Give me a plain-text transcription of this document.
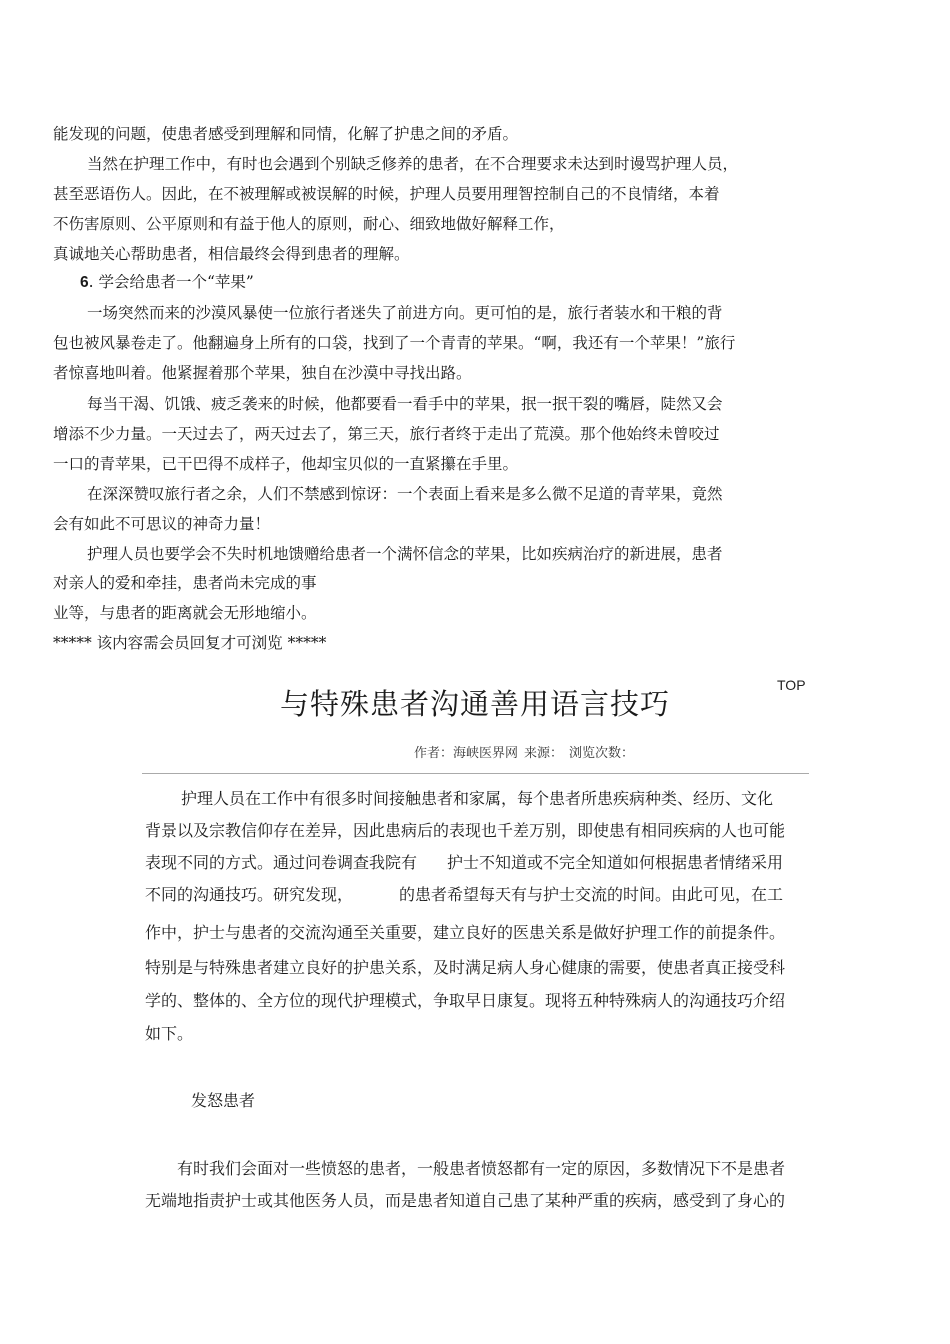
能发现的问题，使患者感受到理解和同情，化解了护患之间的矛盾。
当然在护理工作中，有时也会遇到个别缺乏修养的患者，在不合理要求未达到时谩骂护理人员，
甚至恶语伤人。因此，在不被理解或被误解的时候，护理人员要用理智控制自己的不良情绪，本着
不伤害原则、公平原则和有益于他人的原则，耐心、细致地做好解释工作，
真诚地关心帮助患者，相信最终会得到患者的理解。
6. 学会给患者一个“苹果”
一场突然而来的沙漠风暴使一位旅行者迷失了前进方向。更可怕的是，旅行者装水和干粮的背
包也被风暴卷走了。他翻遍身上所有的口袋，找到了一个青青的苹果。“啊，我还有一个苹果！”旅行
者惊喜地叫着。他紧握着那个苹果，独自在沙漠中寻找出路。
每当干渴、饥饿、疲乏袭来的时候，他都要看一看手中的苹果，抿一抿干裂的嘴唇，陡然又会
增添不少力量。一天过去了，两天过去了，第三天，旅行者终于走出了荒漠。那个他始终未曾咬过
一口的青苹果，已干巴得不成样子，他却宝贝似的一直紧攥在手里。
在深深赞叹旅行者之余，人们不禁感到惊讶：一个表面上看来是多么微不足道的青苹果，竟然
会有如此不可思议的神奇力量！
护理人员也要学会不失时机地馈赠给患者一个满怀信念的苹果，比如疾病治疗的新进展，患者
对亲人的爱和牵挂，患者尚未完成的事
业等，与患者的距离就会无形地缩小。
***** 该内容需会员回复才可浏览 *****
TOP
与特殊患者沟通善用语言技巧
作者：海峡医界网 来源： 浏览次数：
护理人员在工作中有很多时间接触患者和家属，每个患者所患疾病种类、经历、文化
背景以及宗教信仰存在差异，因此患病后的表现也千差万别，即使患有相同疾病的人也可能
表现不同的方式。通过问卷调查我院有 护士不知道或不完全知道如何根据患者情绪采用
不同的沟通技巧。研究发现，	的患者希望每天有与护士交流的时间。由此可见，在工
作中，护士与患者的交流沟通至关重要，建立良好的医患关系是做好护理工作的前提条件。
特别是与特殊患者建立良好的护患关系，及时满足病人身心健康的需要，使患者真正接受科
学的、整体的、全方位的现代护理模式，争取早日康复。现将五种特殊病人的沟通技巧介绍
如下。
发怒患者
有时我们会面对一些愤怒的患者，一般患者愤怒都有一定的原因，多数情况下不是患者
无端地指责护士或其他医务人员，而是患者知道自己患了某种严重的疾病，感受到了身心的
